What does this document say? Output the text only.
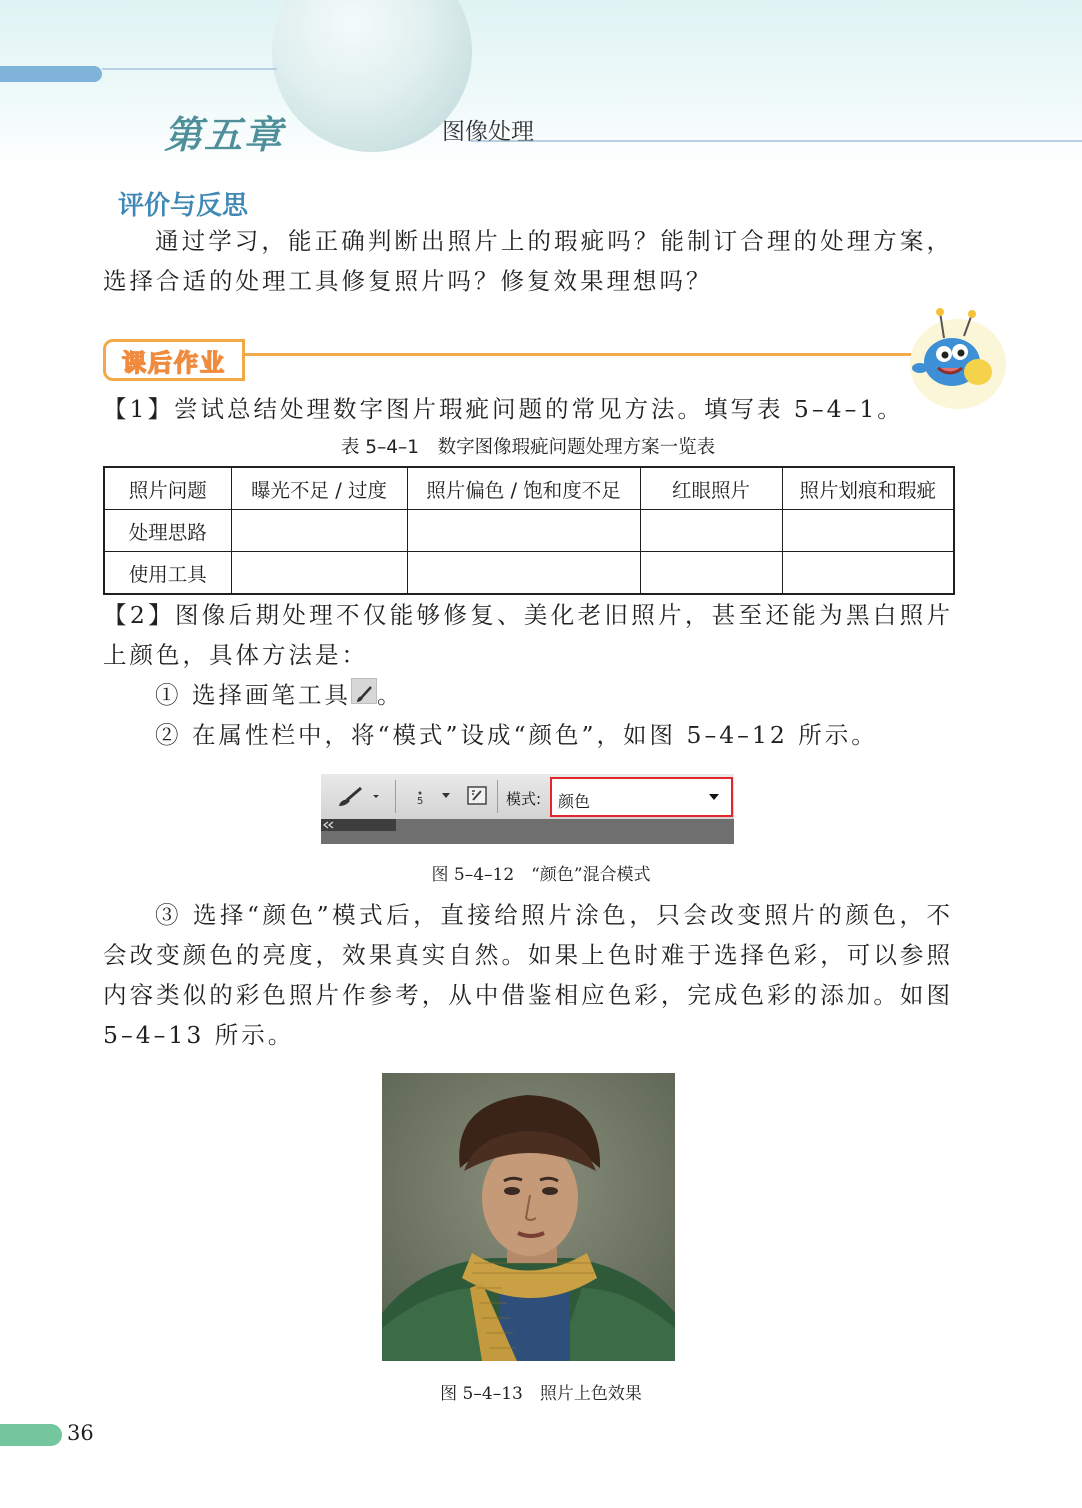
第五章	图像处理
评价与反思
通过学习，能正确判断出照片上的瑕疵吗？能制订合理的处理方案，选择合适的处理工具修复照片吗？修复效果理想吗？
课后作业
【1】尝试总结处理数字图片瑕疵问题的常见方法。填写表 5–4–1。
表 5–4–1　数字图像瑕疵问题处理方案一览表
照片问题	曝光不足 / 过度	照片偏色 / 饱和度不足	红眼照片	照片划痕和瑕疵
处理思路				
使用工具				
【2】图像后期处理不仅能够修复、美化老旧照片，甚至还能为黑白照片上颜色，具体方法是：
① 选择画笔工具 。
② 在属性栏中，将“模式”设成“颜色”，如图 5–4–12 所示。
5	模式: 颜色
图 5–4–12　“颜色”混合模式
③ 选择“颜色”模式后，直接给照片涂色，只会改变照片的颜色，不会改变颜色的亮度，效果真实自然。如果上色时难于选择色彩，可以参照内容类似的彩色照片作参考，从中借鉴相应色彩，完成色彩的添加。如图 5–4–13 所示。
图 5–4–13　照片上色效果
36
